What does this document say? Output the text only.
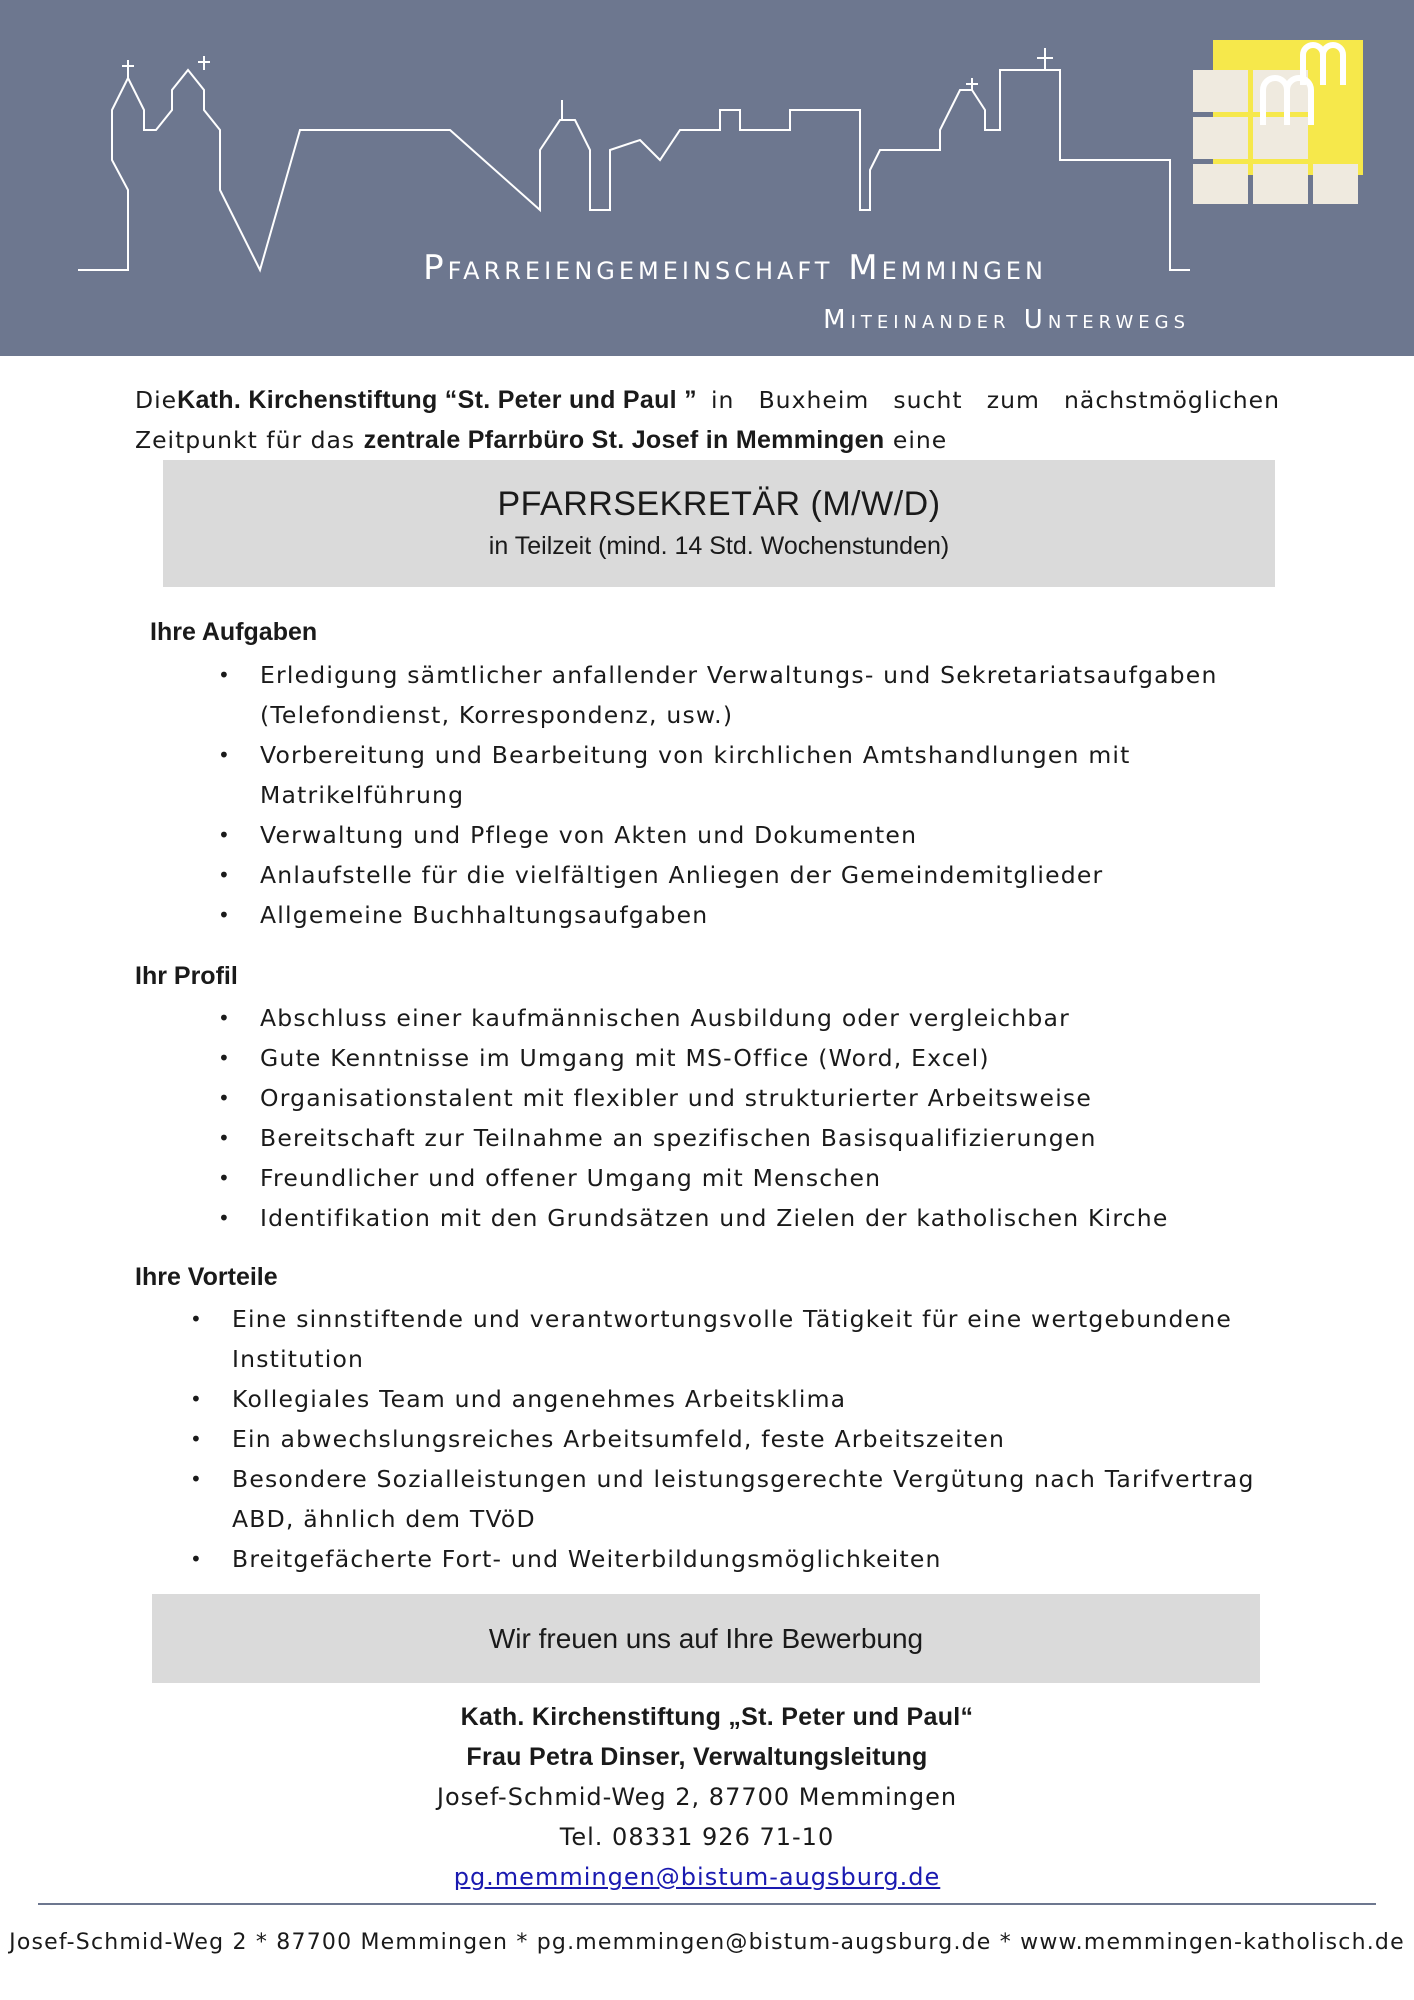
Pfarreiengemeinschaft Memmingen
Miteinander Unterwegs
Die Kath. Kirchenstiftung “St. Peter und Paul ” in Buxheim sucht zum nächstmöglichen
Zeitpunkt für das zentrale Pfarrbüro St. Josef in Memmingen eine
PFARRSEKRETÄR (M/W/D)
in Teilzeit (mind. 14 Std. Wochenstunden)
Ihre Aufgaben
• Erledigung sämtlicher anfallender Verwaltungs- und Sekretariatsaufgaben
(Telefondienst, Korrespondenz, usw.)
• Vorbereitung und Bearbeitung von kirchlichen Amtshandlungen mit
Matrikelführung
• Verwaltung und Pflege von Akten und Dokumenten
• Anlaufstelle für die vielfältigen Anliegen der Gemeindemitglieder
• Allgemeine Buchhaltungsaufgaben
Ihr Profil
• Abschluss einer kaufmännischen Ausbildung oder vergleichbar
• Gute Kenntnisse im Umgang mit MS-Office (Word, Excel)
• Organisationstalent mit flexibler und strukturierter Arbeitsweise
• Bereitschaft zur Teilnahme an spezifischen Basisqualifizierungen
• Freundlicher und offener Umgang mit Menschen
• Identifikation mit den Grundsätzen und Zielen der katholischen Kirche
Ihre Vorteile
• Eine sinnstiftende und verantwortungsvolle Tätigkeit für eine wertgebundene
Institution
• Kollegiales Team und angenehmes Arbeitsklima
• Ein abwechslungsreiches Arbeitsumfeld, feste Arbeitszeiten
• Besondere Sozialleistungen und leistungsgerechte Vergütung nach Tarifvertrag
ABD, ähnlich dem TVöD
• Breitgefächerte Fort- und Weiterbildungsmöglichkeiten
Wir freuen uns auf Ihre Bewerbung
Kath. Kirchenstiftung „St. Peter und Paul“
Frau Petra Dinser, Verwaltungsleitung
Josef-Schmid-Weg 2, 87700 Memmingen
Tel. 08331 926 71-10
pg.memmingen@bistum-augsburg.de
Josef-Schmid-Weg 2 * 87700 Memmingen * pg.memmingen@bistum-augsburg.de * www.memmingen-katholisch.de
